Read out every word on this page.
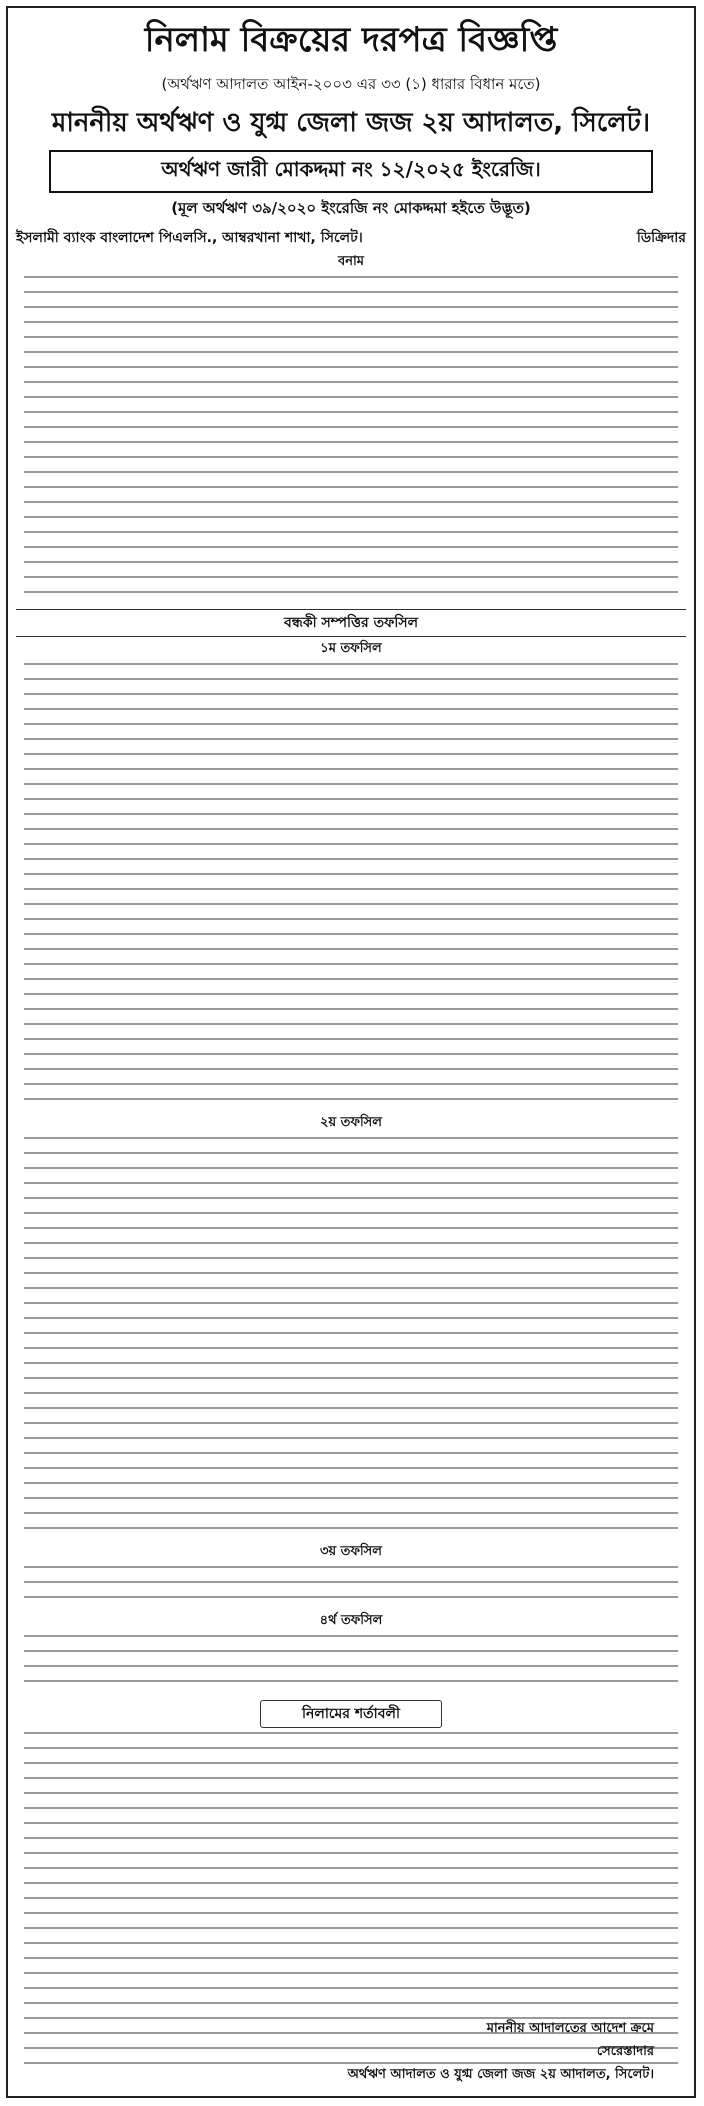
নিলাম বিক্রয়ের দরপত্র বিজ্ঞপ্তি
(অর্থঋণ আদালত আইন-২০০৩ এর ৩৩ (১) ধারার বিধান মতে)
মাননীয় অর্থঋণ ও যুগ্ম জেলা জজ ২য় আদালত, সিলেট।
অর্থঋণ জারী মোকদ্দমা নং ১২/২০২৫ ইংরেজি।
(মূল অর্থঋণ ৩৯/২০২০ ইংরেজি নং মোকদ্দমা হইতে উদ্ভূত)
ইসলামী ব্যাংক বাংলাদেশ পিএলসি., আম্বরখানা শাখা, সিলেট।	ডিক্রিদার
বনাম
বন্ধকী সম্পত্তির তফসিল
১ম তফসিল
২য় তফসিল
৩য় তফসিল
৪র্থ তফসিল
নিলামের শর্তাবলী
মাননীয় আদালতের আদেশ ক্রমে
সেরেস্তাদার
অর্থঋণ আদালত ও যুগ্ম জেলা জজ ২য় আদালত, সিলেট।
